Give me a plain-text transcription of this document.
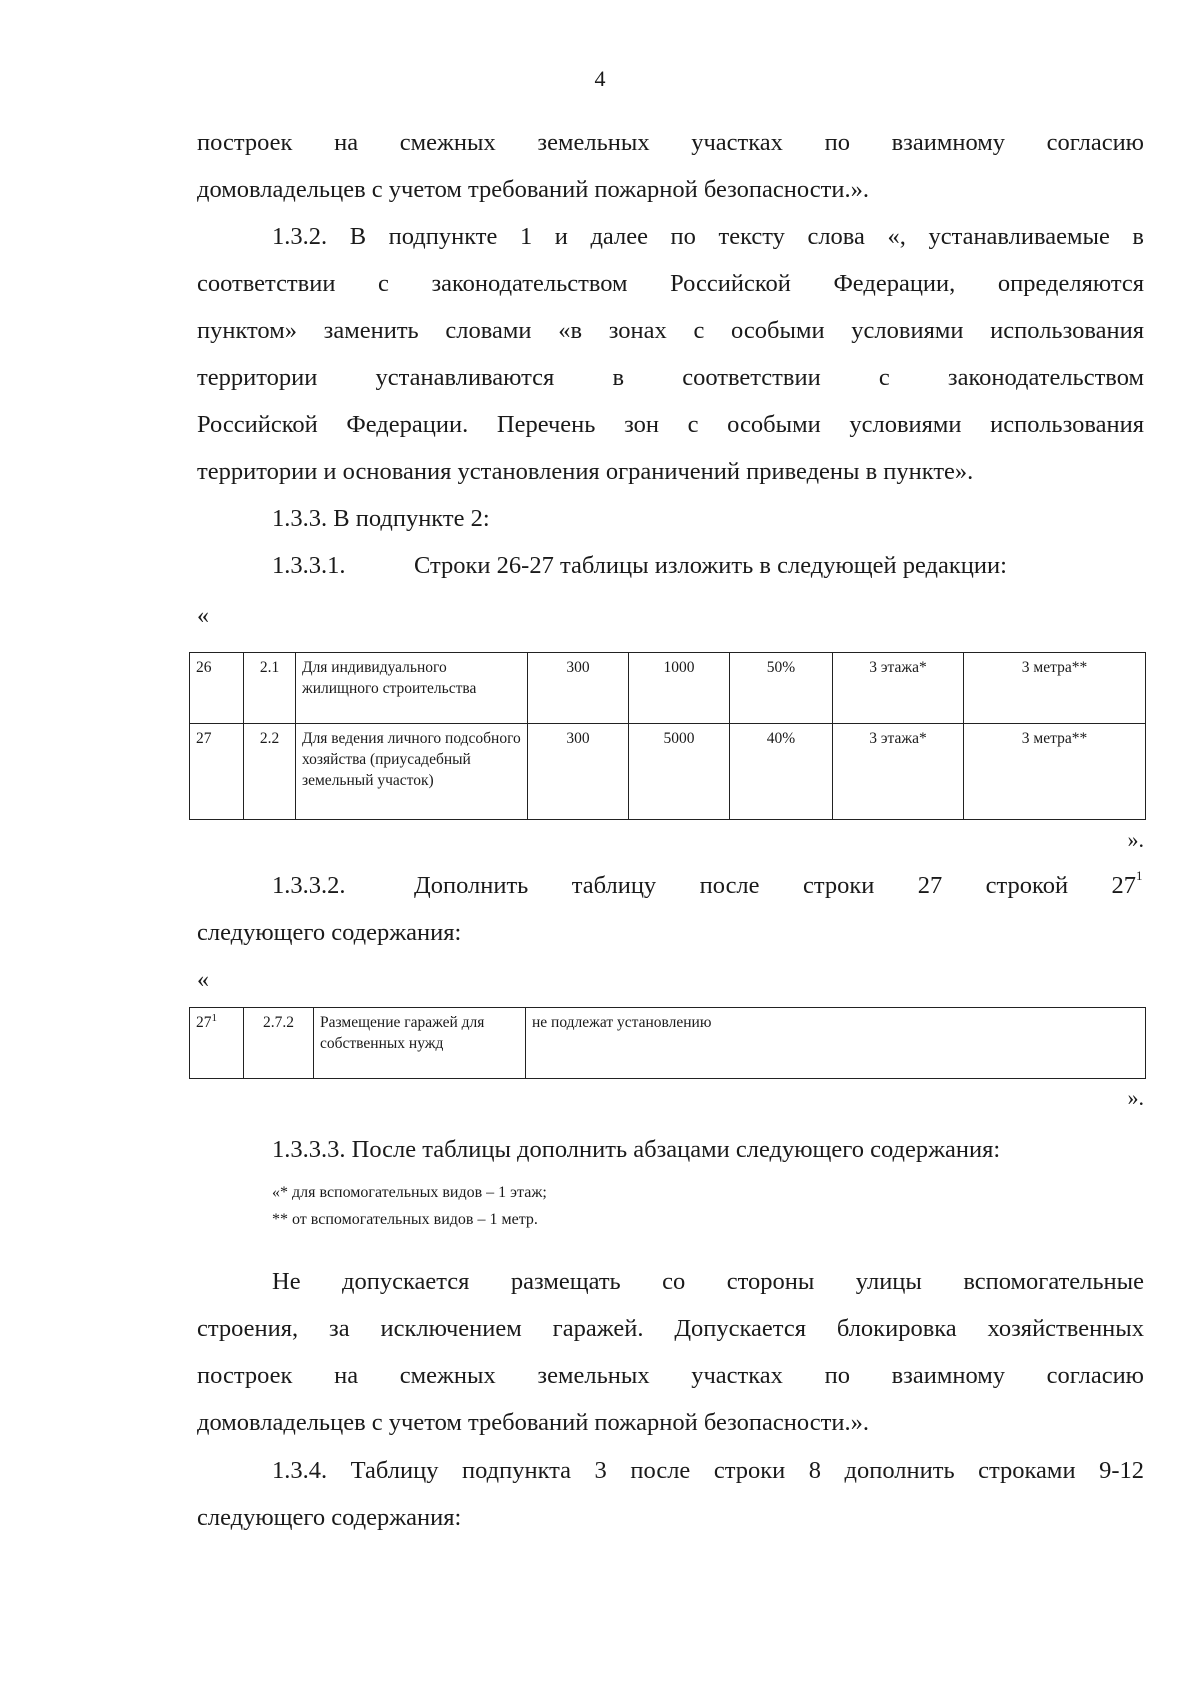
4
построек на смежных земельных участках по взаимному согласию
домовладельцев с учетом требований пожарной безопасности.».
1.3.2. В подпункте 1 и далее по тексту слова «, устанавливаемые в
соответствии с законодательством Российской Федерации, определяются
пунктом» заменить словами «в зонах с особыми условиями использования
территории устанавливаются в соответствии с законодательством
Российской Федерации. Перечень зон с особыми условиями использования
территории и основания установления ограничений приведены в пункте».
1.3.3. В подпункте 2:
1.3.3.1.	Строки 26-27 таблицы изложить в следующей редакции:
«
26	2.1	Для индивидуального жилищного строительства	300	1000	50%	3 этажа*	3 метра**
27	2.2	Для ведения личного подсобного хозяйства (приусадебный земельный участок)	300	5000	40%	3 этажа*	3 метра**
».
1.3.3.2.	Дополнить таблицу после строки 27 строкой 27 1
следующего содержания:
«
$27^1$	2.7.2	Размещение гаражей для собственных нужд	не подлежат установлению
».
1.3.3.3. После таблицы дополнить абзацами следующего содержания:
«* для вспомогательных видов – 1 этаж;
** от вспомогательных видов – 1 метр.
Не допускается размещать со стороны улицы вспомогательные
строения, за исключением гаражей. Допускается блокировка хозяйственных
построек на смежных земельных участках по взаимному согласию
домовладельцев с учетом требований пожарной безопасности.».
1.3.4. Таблицу подпункта 3 после строки 8 дополнить строками 9-12
следующего содержания:
